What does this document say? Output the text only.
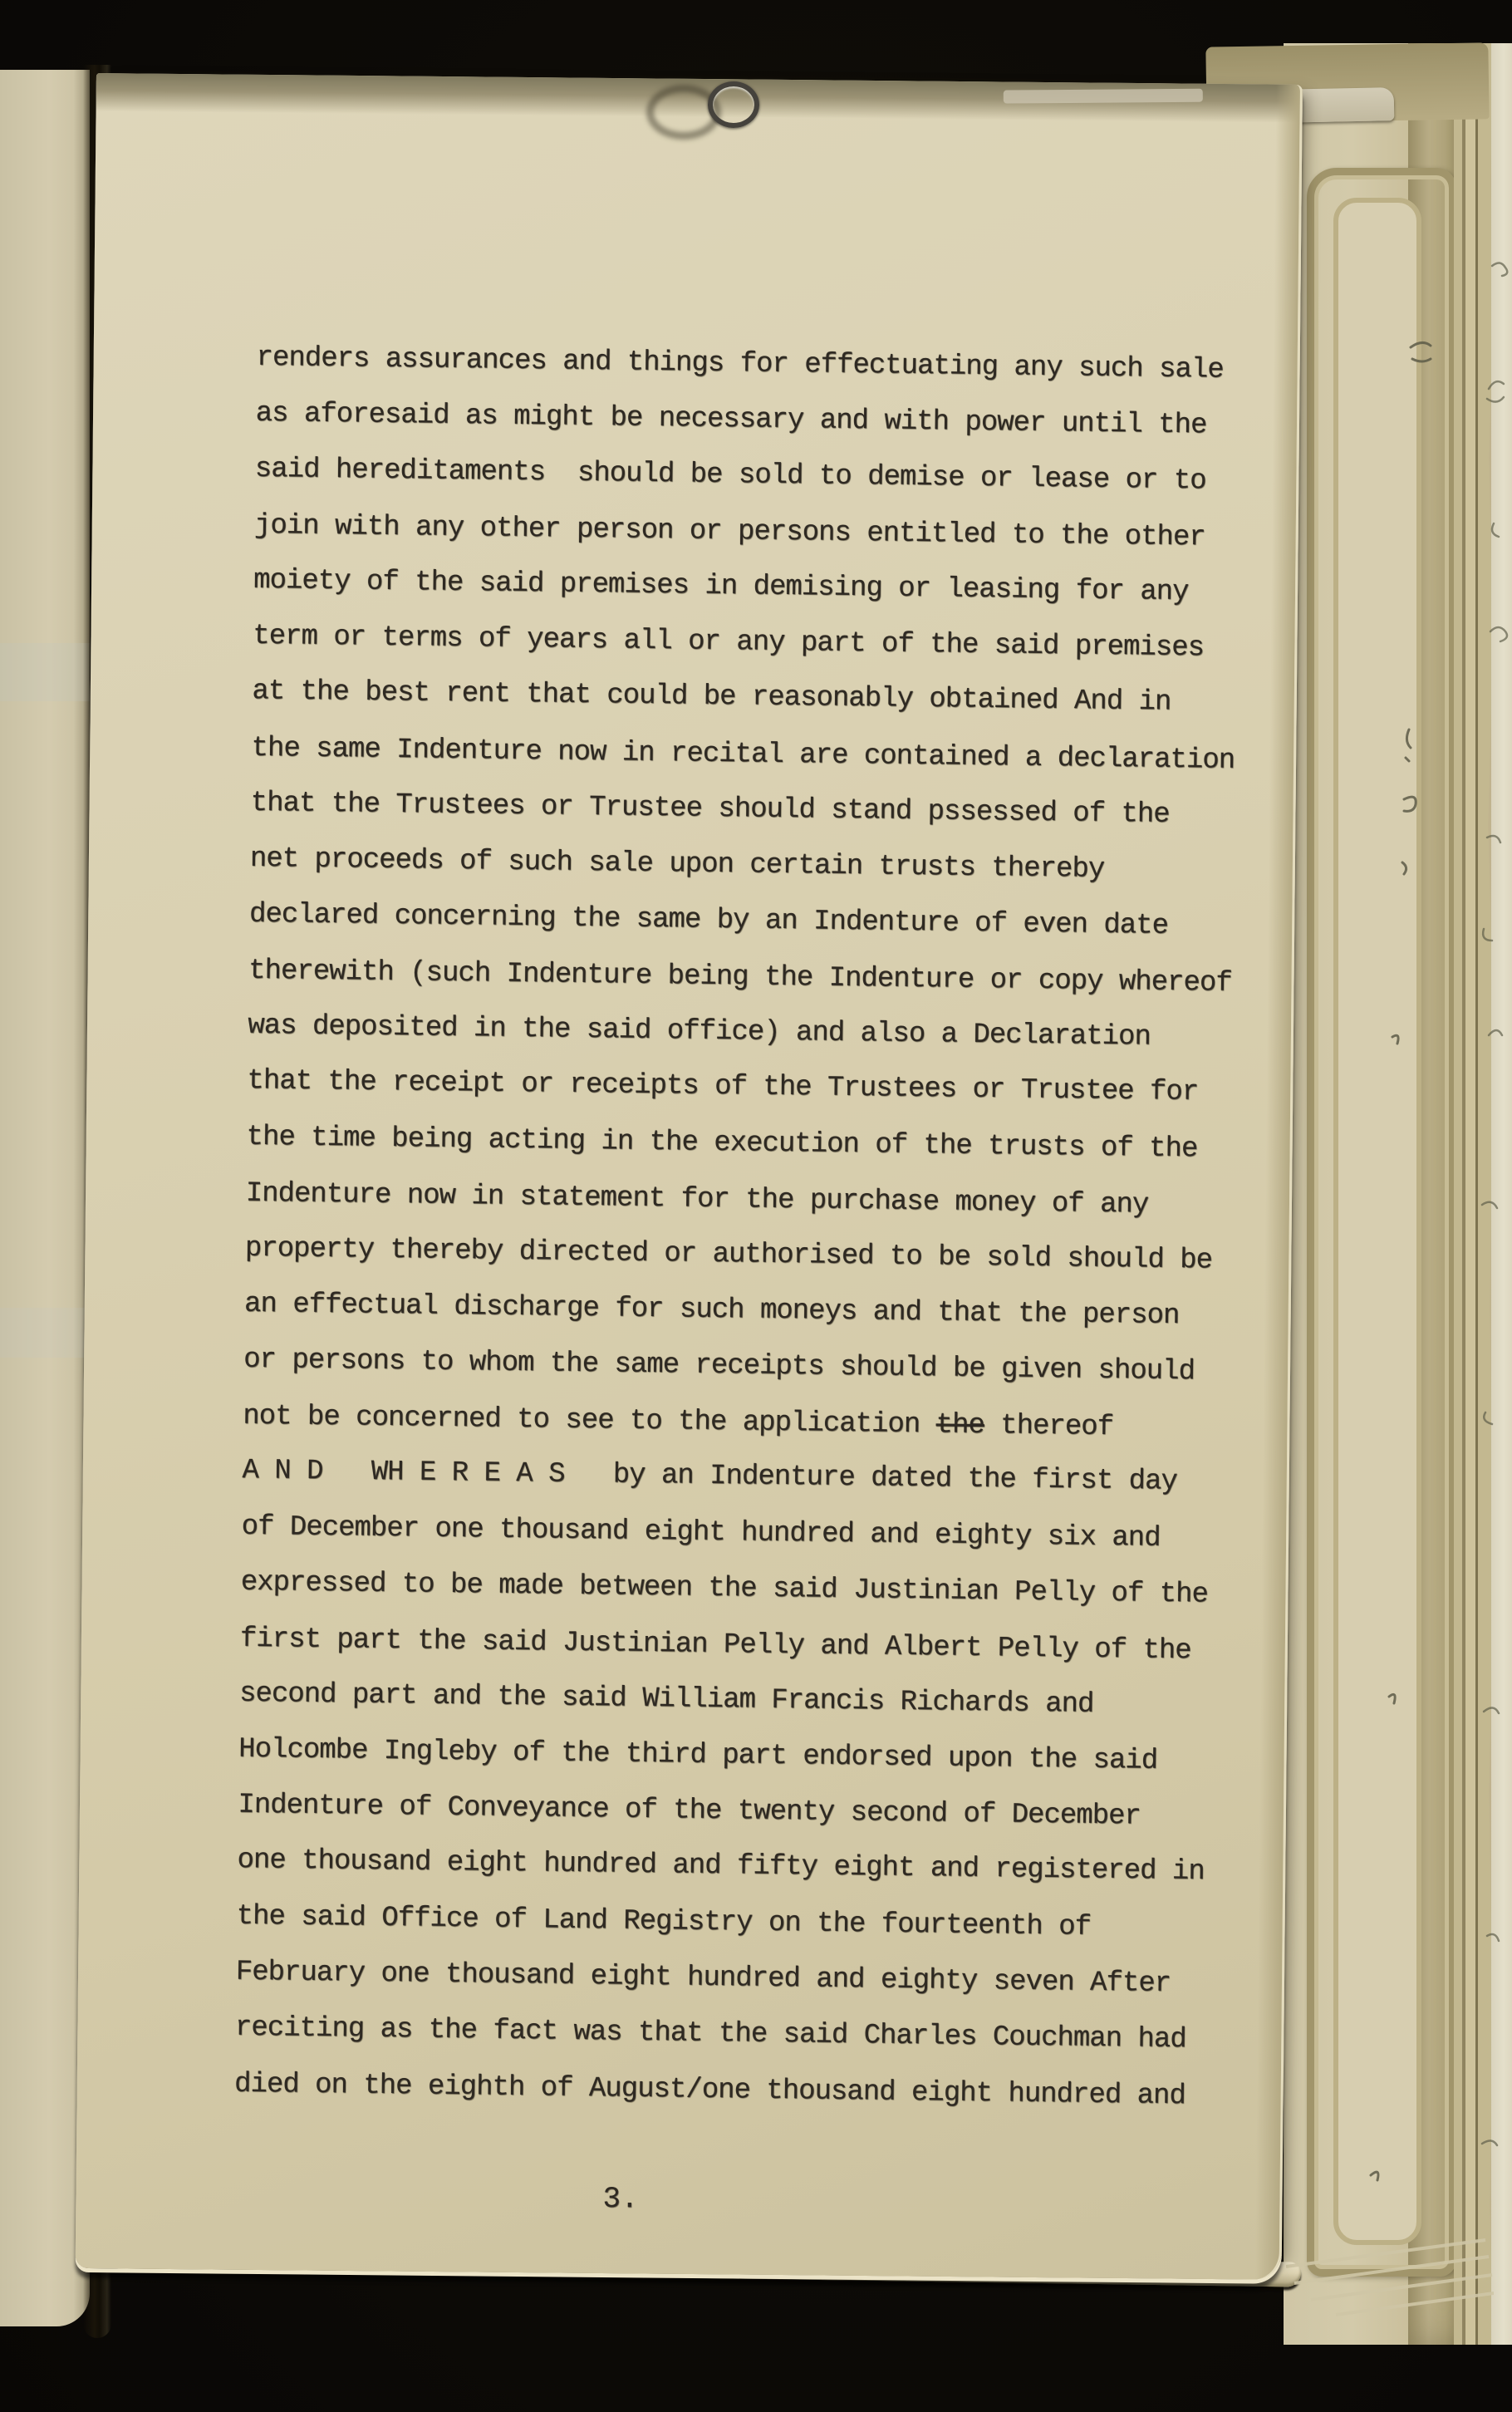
renders assurances and things for effectuating any such sale
as aforesaid as might be necessary and with power until the
said hereditaments  should be sold to demise or lease or to
join with any other person or persons entitled to the other
moiety of the said premises in demising or leasing for any
term or terms of years all or any part of the said premises
at the best rent that could be reasonably obtained And in
the same Indenture now in recital are contained a declaration
that the Trustees or Trustee should stand pssessed of the
net proceeds of such sale upon certain trusts thereby
declared concerning the same by an Indenture of even date
therewith (such Indenture being the Indenture or copy whereof
was deposited in the said office) and also a Declaration
that the receipt or receipts of the Trustees or Trustee for
the time being acting in the execution of the trusts of the
Indenture now in statement for the purchase money of any
property thereby directed or authorised to be sold should be
an effectual discharge for such moneys and that the person
or persons to whom the same receipts should be given should
not be concerned to see to the application the thereof
A N D   WH E R E A S   by an Indenture dated the first day
of December one thousand eight hundred and eighty six and
expressed to be made between the said Justinian Pelly of the
first part the said Justinian Pelly and Albert Pelly of the
second part and the said William Francis Richards and
Holcombe Ingleby of the third part endorsed upon the said
Indenture of Conveyance of the twenty second of December
one thousand eight hundred and fifty eight and registered in
the said Office of Land Registry on the fourteenth of
February one thousand eight hundred and eighty seven After
reciting as the fact was that the said Charles Couchman had
died on the eighth of August/one thousand eight hundred and
3.
